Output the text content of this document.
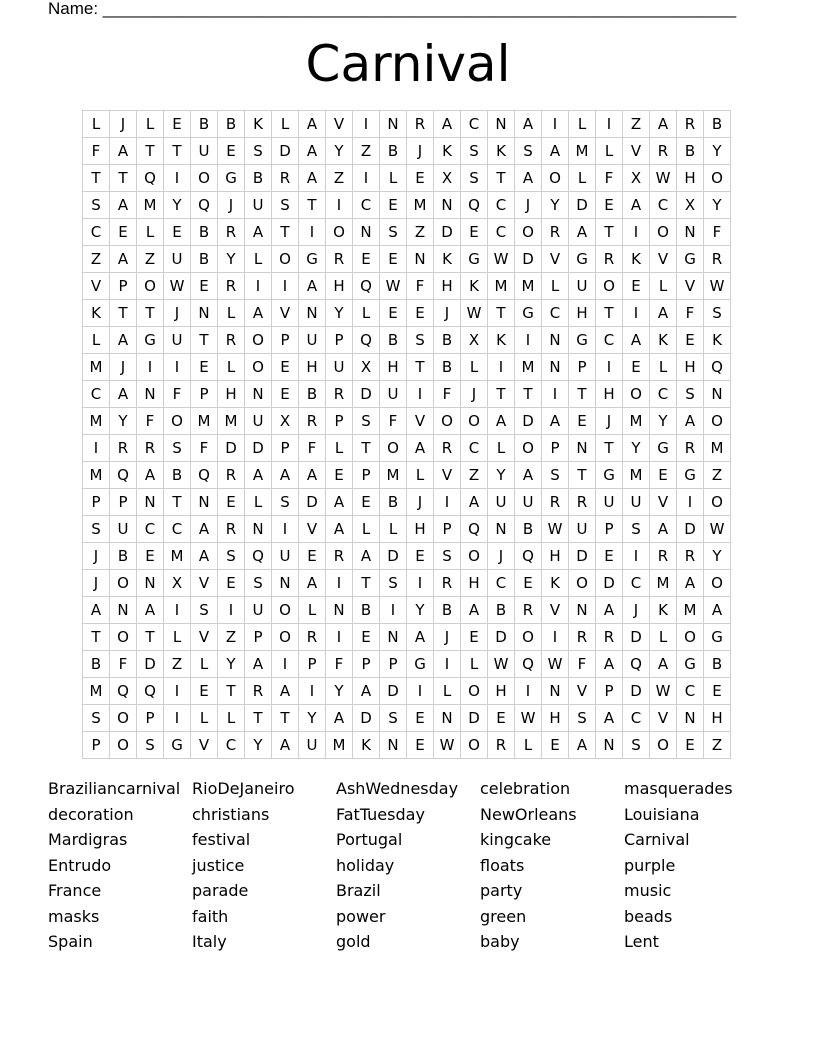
Name: ___________________________________________________________________
Carnival
L	J	L	E	B	B	K	L	A	V	I	N	R	A	C	N	A	I	L	I	Z	A	R	B
F	A	T	T	U	E	S	D	A	Y	Z	B	J	K	S	K	S	A	M	L	V	R	B	Y
T	T	Q	I	O	G	B	R	A	Z	I	L	E	X	S	T	A	O	L	F	X	W	H	O
S	A	M	Y	Q	J	U	S	T	I	C	E	M	N	Q	C	J	Y	D	E	A	C	X	Y
C	E	L	E	B	R	A	T	I	O	N	S	Z	D	E	C	O	R	A	T	I	O	N	F
Z	A	Z	U	B	Y	L	O	G	R	E	E	N	K	G	W	D	V	G	R	K	V	G	R
V	P	O	W	E	R	I	I	A	H	Q	W	F	H	K	M	M	L	U	O	E	L	V	W
K	T	T	J	N	L	A	V	N	Y	L	E	E	J	W	T	G	C	H	T	I	A	F	S
L	A	G	U	T	R	O	P	U	P	Q	B	S	B	X	K	I	N	G	C	A	K	E	K
M	J	I	I	E	L	O	E	H	U	X	H	T	B	L	I	M	N	P	I	E	L	H	Q
C	A	N	F	P	H	N	E	B	R	D	U	I	F	J	T	T	I	T	H	O	C	S	N
M	Y	F	O	M	M	U	X	R	P	S	F	V	O	O	A	D	A	E	J	M	Y	A	O
I	R	R	S	F	D	D	P	F	L	T	O	A	R	C	L	O	P	N	T	Y	G	R	M
M	Q	A	B	Q	R	A	A	A	E	P	M	L	V	Z	Y	A	S	T	G	M	E	G	Z
P	P	N	T	N	E	L	S	D	A	E	B	J	I	A	U	U	R	R	U	U	V	I	O
S	U	C	C	A	R	N	I	V	A	L	L	H	P	Q	N	B	W	U	P	S	A	D	W
J	B	E	M	A	S	Q	U	E	R	A	D	E	S	O	J	Q	H	D	E	I	R	R	Y
J	O	N	X	V	E	S	N	A	I	T	S	I	R	H	C	E	K	O	D	C	M	A	O
A	N	A	I	S	I	U	O	L	N	B	I	Y	B	A	B	R	V	N	A	J	K	M	A
T	O	T	L	V	Z	P	O	R	I	E	N	A	J	E	D	O	I	R	R	D	L	O	G
B	F	D	Z	L	Y	A	I	P	F	P	P	G	I	L	W	Q	W	F	A	Q	A	G	B
M	Q	Q	I	E	T	R	A	I	Y	A	D	I	L	O	H	I	N	V	P	D	W	C	E
S	O	P	I	L	L	T	T	Y	A	D	S	E	N	D	E	W	H	S	A	C	V	N	H
P	O	S	G	V	C	Y	A	U	M	K	N	E	W	O	R	L	E	A	N	S	O	E	Z
Braziliancarnival RioDeJaneiro	AshWednesday	celebration	masquerades
decoration	christians	FatTuesday	NewOrleans	Louisiana
Mardigras	festival	Portugal	kingcake	Carnival
Entrudo	justice	holiday	floats	purple
France	parade	Brazil	party	music
masks	faith	power	green	beads
Spain	Italy	gold	baby	Lent
